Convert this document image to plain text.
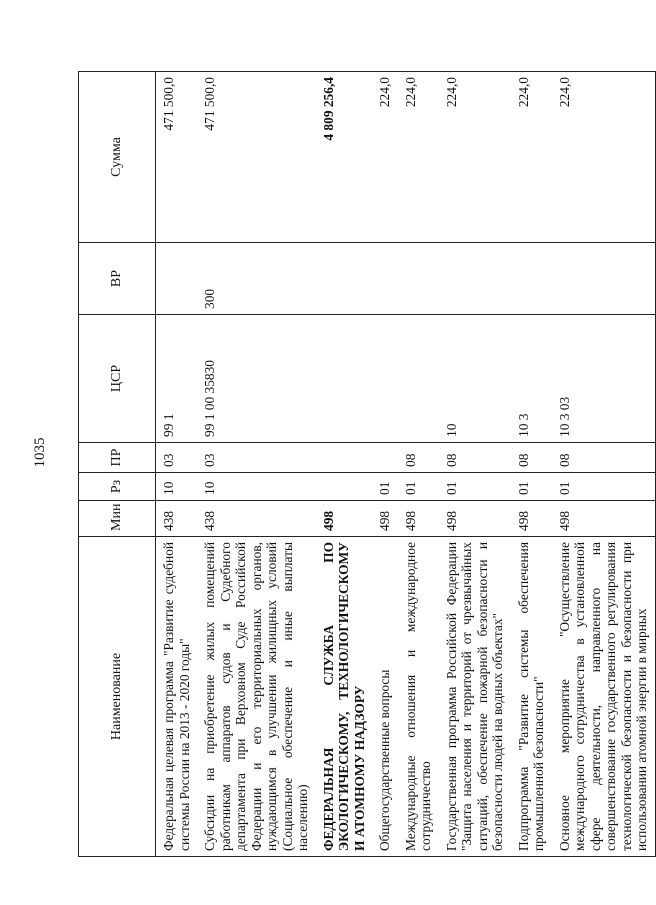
1035
Наименование	Мин	Рз	ПР	ЦСР	ВР	Сумма
Федеральная целевая программа "Развитие судебной системы России на 2013 - 2020 годы"	438	10	03	99 1		471 500,0
Субсидии на приобретение жилых помещений работникам аппаратов судов и Судебного департамента при Верховном Суде Российской Федерации и его территориальных органов, нуждающимся в улучшении жилищных условий (Социальное обеспечение и иные выплаты населению)	438	10	03	99 1 00 35830	300	471 500,0
ФЕДЕРАЛЬНАЯ СЛУЖБА ПО ЭКОЛОГИЧЕСКОМУ, ТЕХНОЛОГИЧЕСКОМУ И АТОМНОМУ НАДЗОРУ	498					4 809 256,4
Общегосударственные вопросы	498	01				224,0
Международные отношения и международное сотрудничество	498	01	08			224,0
Государственная программа Российской Федерации "Защита населения и территорий от чрезвычайных ситуаций, обеспечение пожарной безопасности и безопасности людей на водных объектах"	498	01	08	10		224,0
Подпрограмма "Развитие системы обеспечения промышленной безопасности"	498	01	08	10 3		224,0
Основное мероприятие "Осуществление международного сотрудничества в установленной сфере деятельности, направленного на совершенствование государственного регулирования технологической безопасности и безопасности при использовании атомной энергии в мирных	498	01	08	10 3 03		224,0
